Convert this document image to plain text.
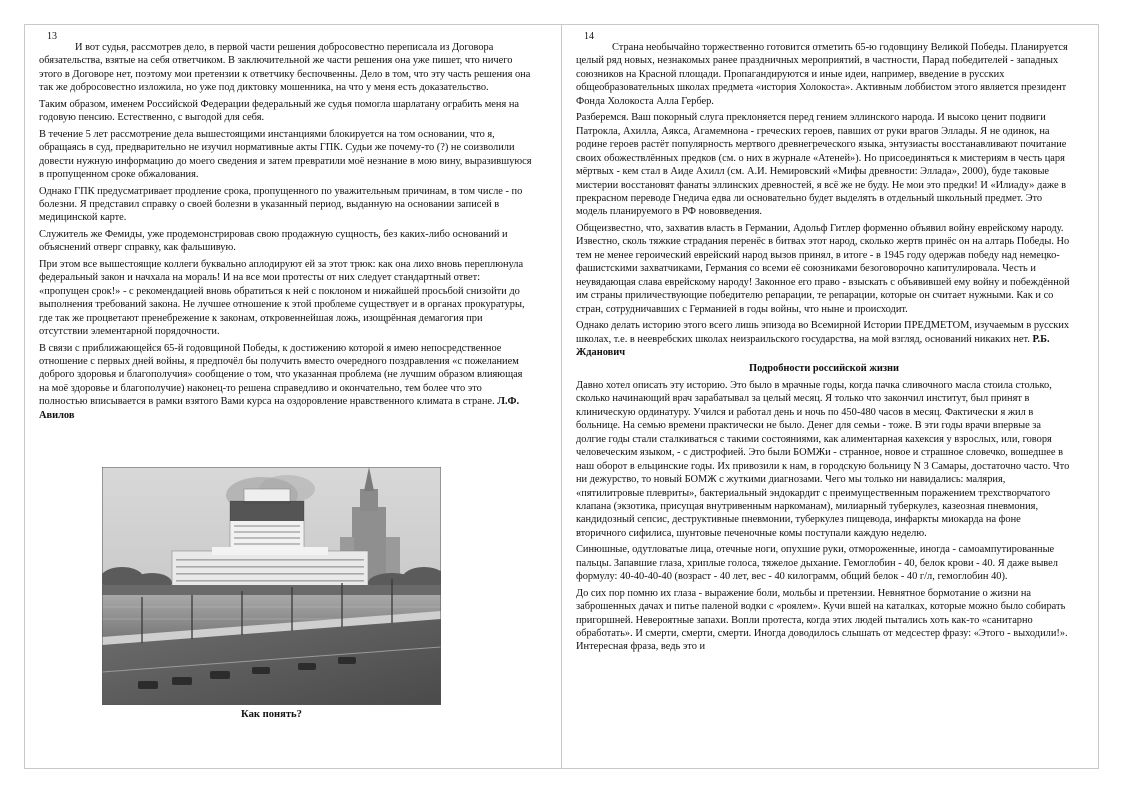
13

И вот судья, рассмотрев дело, в первой части решения добросовестно переписала из Договора обязательства, взятые на себя ответчиком. В заключительной же части решения она уже пишет, что ничего этого в Договоре нет, поэтому мои претензии к ответчику беспочвенны. Дело в том, что эту часть решения она так же добросовестно изложила, но уже под диктовку мошенника, на что у меня есть доказательство.

Таким образом, именем Российской Федерации федеральный же судья помогла шарлатану ограбить меня на годовую пенсию. Естественно, с выгодой для себя.

В течение 5 лет рассмотрение дела вышестоящими инстанциями блокируется на том основании, что я, обращаясь в суд, предварительно не изучил нормативные акты ГПК. Судьи же почему-то (?) не соизволили довести нужную информацию до моего сведения и затем превратили моё незнание в мою вину, выразившуюся в пропущенном сроке обжалования.

Однако ГПК предусматривает продление срока, пропущенного по уважительным причинам, в том числе - по болезни. Я представил справку о своей болезни в указанный период, выданную на основании записей в медицинской карте.

Служитель же Фемиды, уже продемонстрировав свою продажную сущность, без каких-либо оснований и объяснений отверг справку, как фальшивую.

При этом все вышестоящие коллеги буквально аплодируют ей за этот трюк: как она лихо вновь переплюнула федеральный закон и начхала на мораль! И на все мои протесты от них следует стандартный ответ: «пропущен срок!» - с рекомендацией вновь обратиться к ней с поклоном и нижайшей просьбой снизойти до выполнения требований закона. Не лучшее отношение к этой проблеме существует и в органах прокуратуры, где так же процветают пренебрежение к законам, откровеннейшая ложь, изощрённая демагогия при отсутствии элементарной порядочности.

В связи с приближающейся 65-й годовщиной Победы, к достижению которой я имею непосредственное отношение с первых дней войны, я предпочёл бы получить вместо очередного поздравления «с пожеланием доброго здоровья и благополучия» сообщение о том, что указанная проблема (не лучшим образом влияющая на моё здоровье и благополучие) наконец-то решена справедливо и окончательно, тем более что это полностью вписывается в рамки взятого Вами курса на оздоровление нравственного климата в стране. Л.Ф. Авилов

Как понять?
14

Страна необычайно торжественно готовится отметить 65-ю годовщину Великой Победы. Планируется целый ряд новых, незнакомых ранее праздничных мероприятий, в частности, Парад победителей - западных союзников на Красной площади. Пропагандируются и иные идеи, например, введение в русских общеобразовательных школах предмета «история Холокоста». Активным лоббистом этого является президент Фонда Холокоста Алла Гербер.

Разберемся. Ваш покорный слуга преклоняется перед гением эллинского народа. И высоко ценит подвиги Патрокла, Ахилла, Аякса, Агамемнона - греческих героев, павших от руки врагов Эллады. Я не одинок, на родине героев растёт популярность мертвого древнегреческого языка, энтузиасты восстанавливают почитание своих обожествлённых предков (см. о них в журнале «Атеней»). Но присоединяться к мистериям в честь царя мёртвых - кем стал в Аиде Ахилл (см. А.И. Немировский «Мифы древности: Эллада», 2000), буде таковые мистерии восстановят фанаты эллинских древностей, я всё же не буду. Не мои это предки! И «Илиаду» даже в прекрасном переводе Гнедича едва ли основательно будет выделять в отдельный школьный предмет. Это модель планируемого в РФ нововведения.

Общеизвестно, что, захватив власть в Германии, Адольф Гитлер форменно объявил войну еврейскому народу. Известно, сколь тяжкие страдания перенёс в битвах этот народ, сколько жертв принёс он на алтарь Победы. Но тем не менее героический еврейский народ вызов принял, в итоге - в 1945 году одержав победу над немецко-фашистскими захватчиками, Германия со всеми её союзниками безоговорочно капитулировала. Честь и неувядающая слава еврейскому народу! Законное его право - взыскать с объявившей ему войну и побеждённой им страны приличествующие победителю репарации, те репарации, которые он считает нужными. Как и со стран, сотрудничавших с Германией в годы войны, что ныне и происходит.

Однако делать историю этого всего лишь эпизода во Всемирной Истории ПРЕДМЕТОМ, изучаемым в русских школах, т.е. в неевребских школах неизраильского государства, на мой взгляд, оснований никаких нет. Р.Б. Жданович

Подробности российской жизни

Давно хотел описать эту историю. Это было в мрачные годы, когда пачка сливочного масла стоила столько, сколько начинающий врач зарабатывал за целый месяц. Я только что закончил институт, был принят в клиническую ординатуру. Учился и работал день и ночь по 450-480 часов в месяц. Фактически я жил в больнице. На семью времени практически не было. Денег для семьи - тоже. В эти годы врачи впервые за долгие годы стали сталкиваться с такими состояниями, как алиментарная кахексия у взрослых, или, говоря человеческим языком, - с дистрофией. Это были БОМЖи - странное, новое и страшное словечко, вошедшее в наш оборот в ельцинские годы. Их привозили к нам, в городскую больницу N 3 Самары, достаточно часто. Что ни дежурство, то новый БОМЖ с жуткими диагнозами. Чего мы только ни навидались: малярия, «пятилитровые плевриты», бактериальный эндокардит с преимущественным поражением трехстворчатого клапана (экзотика, присущая внутривенным наркоманам), милиарный туберкулез, казеозная пневмония, кандидозный сепсис, деструктивные пневмонии, туберкулез пищевода, инфаркты миокарда на фоне вторичного сифилиса, шунтовые печеночные комы поступали каждую неделю.

Синюшные, одутловатые лица, отечные ноги, опухшие руки, отмороженные, иногда - самоампутированные пальцы. Запавшие глаза, хриплые голоса, тяжелое дыхание. Гемоглобин - 40, белок крови - 40. Я даже вывел формулу: 40-40-40-40 (возраст - 40 лет, вес - 40 килограмм, общий белок - 40 г/л, гемоглобин 40).

До сих пор помню их глаза - выражение боли, мольбы и претензии. Невнятное бормотание о жизни на заброшенных дачах и питье паленой водки с «роялем». Кучи вшей на каталках, которые можно было собирать пригоршней. Невероятные запахи. Вопли протеста, когда этих людей пытались хоть как-то «санитарно обработать». И смерти, смерти, смерти. Иногда доводилось слышать от медсестер фразу: «Этого - выходили!». Интересная фраза, ведь это и
